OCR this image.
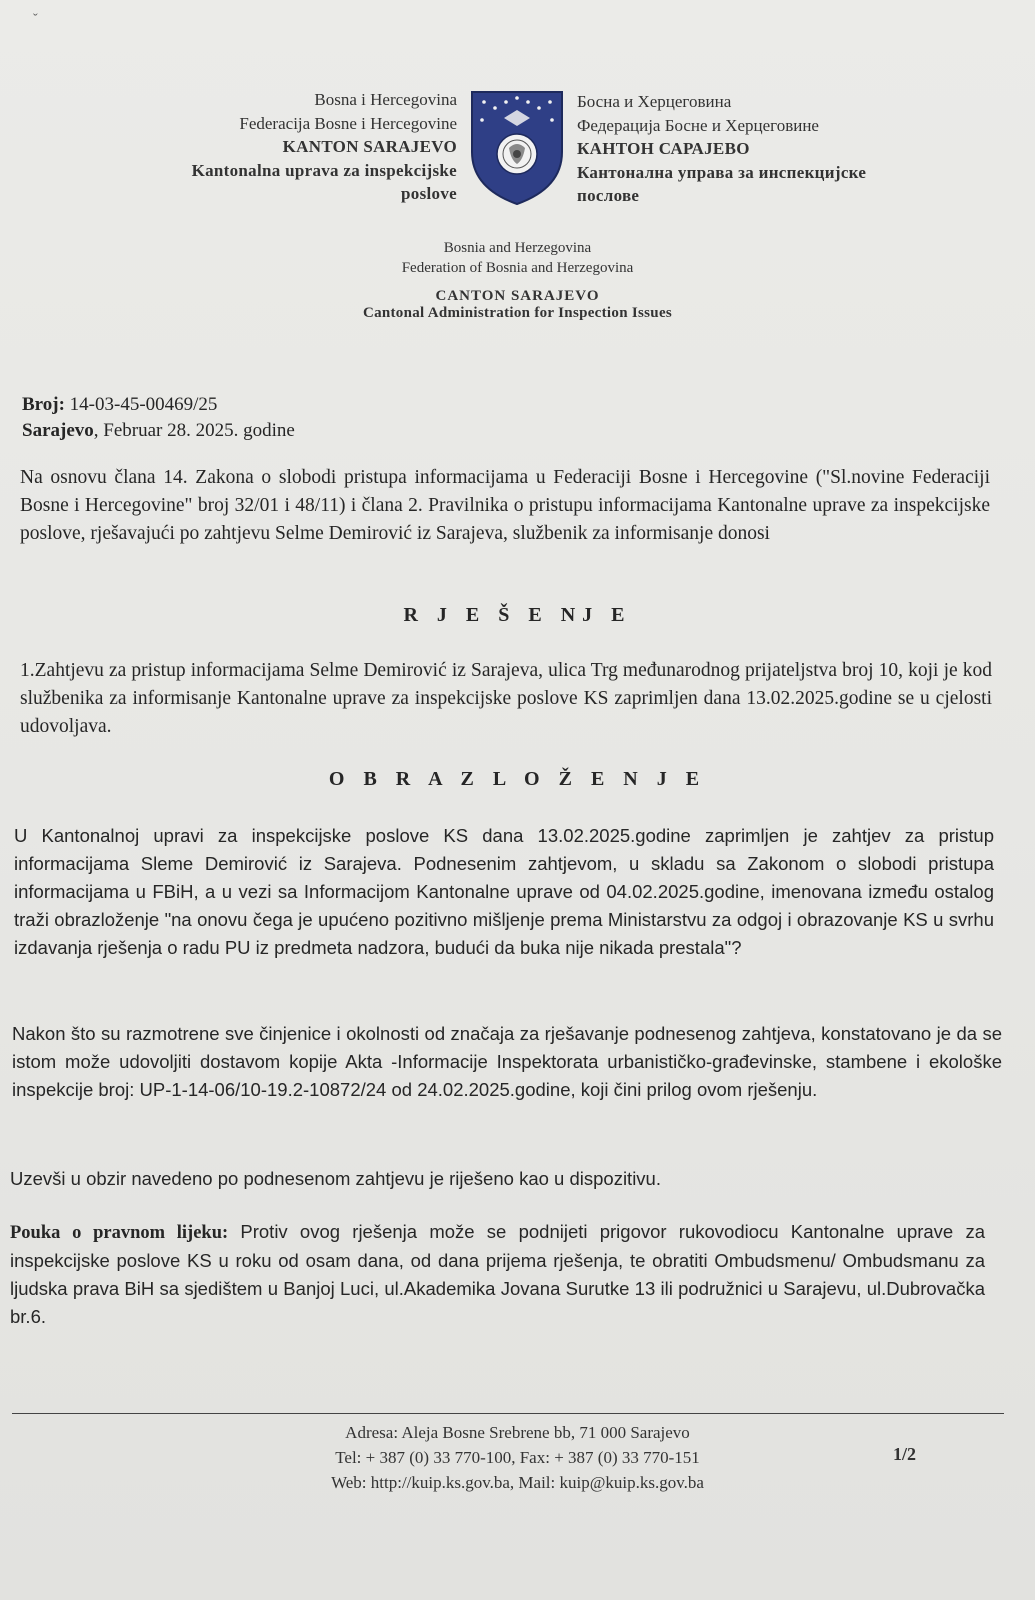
ˇ
Bosna i Hercegovina
Federacija Bosne i Hercegovine
KANTON SARAJEVO
Kantonalna uprava za inspekcijske
poslove
Босна и Херцеговина
Федерација Босне и Херцеговине
КАНТОН САРАЈЕВО
Кантонална управа за инспекцијске
послове
Bosnia and Herzegovina
Federation of Bosnia and Herzegovina
CANTON SARAJEVO
Cantonal Administration for Inspection Issues
Broj: 14-03-45-00469/25
Sarajevo, Februar 28. 2025. godine
Na osnovu člana 14. Zakona o slobodi pristupa informacijama u Federaciji Bosne i Hercegovine ("Sl.novine Federaciji Bosne i Hercegovine" broj 32/01 i 48/11) i člana 2. Pravilnika o pristupu informacijama Kantonalne uprave za inspekcijske poslove, rješavajući po zahtjevu Selme Demirović iz Sarajeva, službenik za informisanje donosi
R J E Š E NJ E
1.Zahtjevu za pristup informacijama Selme Demirović iz Sarajeva, ulica Trg međunarodnog prijateljstva broj 10, koji je kod službenika za informisanje Kantonalne uprave za inspekcijske poslove KS zaprimljen dana 13.02.2025.godine se u cjelosti udovoljava.
O B R A Z L O Ž E N J E
U Kantonalnoj upravi za inspekcijske poslove KS dana 13.02.2025.godine zaprimljen je zahtjev za pristup informacijama Sleme Demirović iz Sarajeva. Podnesenim zahtjevom, u skladu sa Zakonom o slobodi pristupa informacijama u FBiH, a u vezi sa Informacijom Kantonalne uprave od 04.02.2025.godine, imenovana između ostalog traži obrazloženje "na onovu čega je upućeno pozitivno mišljenje prema Ministarstvu za odgoj i obrazovanje KS u svrhu izdavanja rješenja o radu PU iz predmeta nadzora, budući da buka nije nikada prestala"?
Nakon što su razmotrene sve činjenice i okolnosti od značaja za rješavanje podnesenog zahtjeva, konstatovano je da se istom može udovoljiti dostavom kopije Akta -Informacije Inspektorata urbanističko-građevinske, stambene i ekološke inspekcije broj: UP-1-14-06/10-19.2-10872/24 od 24.02.2025.godine, koji čini prilog ovom rješenju.
Uzevši u obzir navedeno po podnesenom zahtjevu je riješeno kao u dispozitivu.
Pouka o pravnom lijeku: Protiv ovog rješenja može se podnijeti prigovor rukovodiocu Kantonalne uprave za inspekcijske poslove KS u roku od osam dana, od dana prijema rješenja, te obratiti Ombudsmenu/ Ombudsmanu za ljudska prava BiH sa sjedištem u Banjoj Luci, ul.Akademika Jovana Surutke 13 ili podružnici u Sarajevu, ul.Dubrovačka br.6.
Adresa: Aleja Bosne Srebrene bb, 71 000 Sarajevo
Tel: + 387 (0) 33 770-100, Fax: + 387 (0) 33 770-151
Web: http://kuip.ks.gov.ba, Mail: kuip@kuip.ks.gov.ba
1/2
